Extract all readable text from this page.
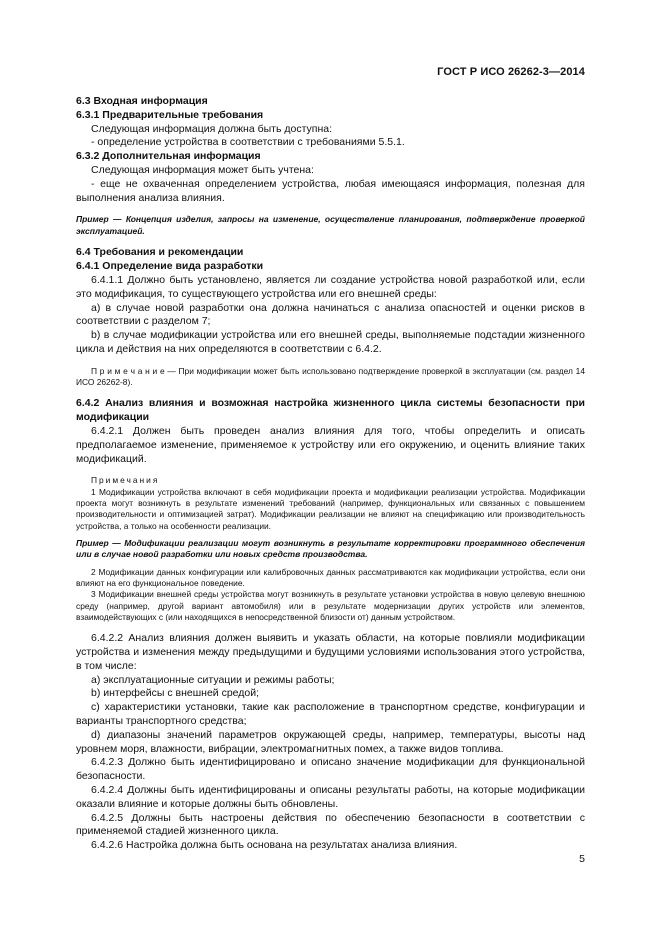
ГОСТ Р ИСО 26262-3—2014

6.3 Входная информация

6.3.1 Предварительные требования

Следующая информация должна быть доступна:

- определение устройства в соответствии с требованиями 5.5.1.

6.3.2 Дополнительная информация

Следующая информация может быть учтена:

- еще не охваченная определением устройства, любая имеющаяся информация, полезная для выполнения анализа влияния.

Пример — Концепция изделия, запросы на изменение, осуществление планирования, подтверждение проверкой эксплуатацией.

6.4 Требования и рекомендации

6.4.1 Определение вида разработки

6.4.1.1 Должно быть установлено, является ли создание устройства новой разработкой или, если это модификация, то существующего устройства или его внешней среды:

а) в случае новой разработки она должна начинаться с анализа опасностей и оценки рисков в соответствии с разделом 7;

b) в случае модификации устройства или его внешней среды, выполняемые подстадии жизненного цикла и действия на них определяются в соответствии с 6.4.2.

П р и м е ч а н и е — При модификации может быть использовано подтверждение проверкой в эксплуатации (см. раздел 14 ИСО 26262-8).

6.4.2 Анализ влияния и возможная настройка жизненного цикла системы безопасности при модификации

6.4.2.1 Должен быть проведен анализ влияния для того, чтобы определить и описать предполагаемое изменение, применяемое к устройству или его окружению, и оценить влияние таких модификаций.

Примечания

1 Модификации устройства включают в себя модификации проекта и модификации реализации устройства. Модификации проекта могут возникнуть в результате изменений требований (например, функциональных или связанных с повышением производительности и оптимизацией затрат). Модификации реализации не влияют на спецификацию или производительность устройства, а только на особенности реализации.

Пример — Модификации реализации могут возникнуть в результате корректировки программного обеспечения или в случае новой разработки или новых средств производства.

2 Модификации данных конфигурации или калибровочных данных рассматриваются как модификации устройства, если они влияют на его функциональное поведение.

3 Модификации внешней среды устройства могут возникнуть в результате установки устройства в новую целевую внешнюю среду (например, другой вариант автомобиля) или в результате модернизации других устройств или элементов, взаимодействующих с (или находящихся в непосредственной близости от) данным устройством.

6.4.2.2 Анализ влияния должен выявить и указать области, на которые повлияли модификации устройства и изменения между предыдущими и будущими условиями использования этого устройства, в том числе:

а) эксплуатационные ситуации и режимы работы;

b) интерфейсы с внешней средой;

c) характеристики установки, такие как расположение в транспортном средстве, конфигурации и варианты транспортного средства;

d) диапазоны значений параметров окружающей среды, например, температуры, высоты над уровнем моря, влажности, вибрации, электромагнитных помех, а также видов топлива.

6.4.2.3 Должно быть идентифицировано и описано значение модификации для функциональной безопасности.

6.4.2.4 Должны быть идентифицированы и описаны результаты работы, на которые модификации оказали влияние и которые должны быть обновлены.

6.4.2.5 Должны быть настроены действия по обеспечению безопасности в соответствии с применяемой стадией жизненного цикла.

6.4.2.6 Настройка должна быть основана на результатах анализа влияния.

5
